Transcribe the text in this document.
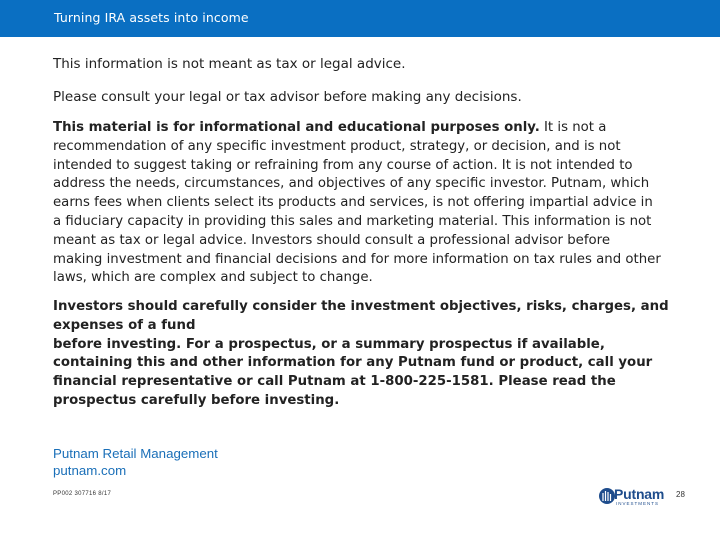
Turning IRA assets into income
This information is not meant as tax or legal advice.
Please consult your legal or tax advisor before making any decisions.
This material is for informational and educational purposes only. It is not a recommendation of any specific investment product, strategy, or decision, and is not intended to suggest taking or refraining from any course of action. It is not intended to address the needs, circumstances, and objectives of any specific investor. Putnam, which earns fees when clients select its products and services, is not offering impartial advice in a fiduciary capacity in providing this sales and marketing material. This information is not meant as tax or legal advice. Investors should consult a professional advisor before making investment and financial decisions and for more information on tax rules and other laws, which are complex and subject to change.
Investors should carefully consider the investment objectives, risks, charges, and expenses of a fund
before investing. For a prospectus, or a summary prospectus if available, containing this and other information for any Putnam fund or product, call your financial representative or call Putnam at 1-800-225-1581. Please read the prospectus carefully before investing.
Putnam Retail Management
putnam.com
PP002 307716 8/17	Putnam
INVESTMENTS
28
